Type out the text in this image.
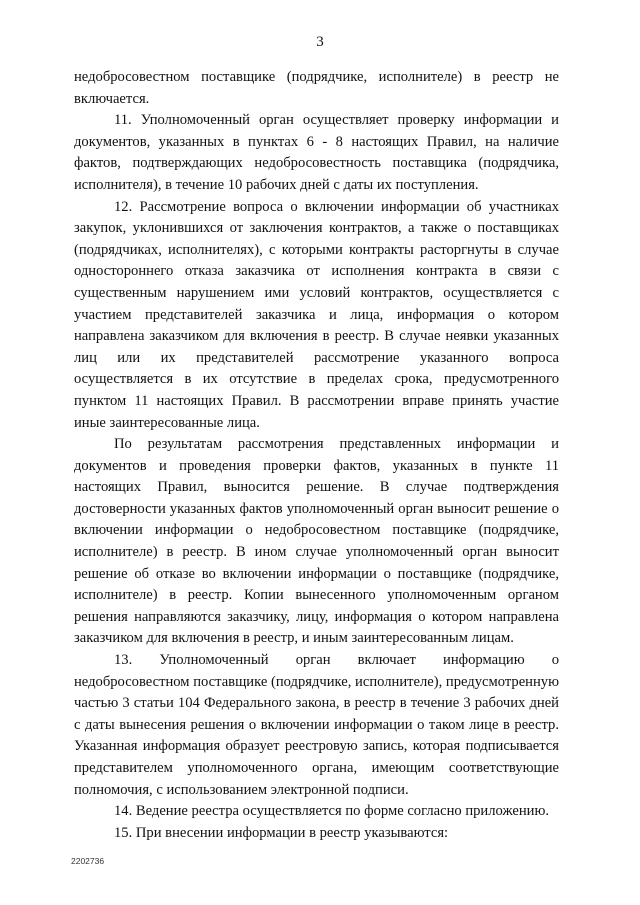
3

недобросовестном поставщике (подрядчике, исполнителе) в реестр не включается.

11. Уполномоченный орган осуществляет проверку информации и документов, указанных в пунктах 6 - 8 настоящих Правил, на наличие фактов, подтверждающих недобросовестность поставщика (подрядчика, исполнителя), в течение 10 рабочих дней с даты их поступления.

12. Рассмотрение вопроса о включении информации об участниках закупок, уклонившихся от заключения контрактов, а также о поставщиках (подрядчиках, исполнителях), с которыми контракты расторгнуты в случае одностороннего отказа заказчика от исполнения контракта в связи с существенным нарушением ими условий контрактов, осуществляется с участием представителей заказчика и лица, информация о котором направлена заказчиком для включения в реестр. В случае неявки указанных лиц или их представителей рассмотрение указанного вопроса осуществляется в их отсутствие в пределах срока, предусмотренного пунктом 11 настоящих Правил. В рассмотрении вправе принять участие иные заинтересованные лица.

По результатам рассмотрения представленных информации и документов и проведения проверки фактов, указанных в пункте 11 настоящих Правил, выносится решение. В случае подтверждения достоверности указанных фактов уполномоченный орган выносит решение о включении информации о недобросовестном поставщике (подрядчике, исполнителе) в реестр. В ином случае уполномоченный орган выносит решение об отказе во включении информации о поставщике (подрядчике, исполнителе) в реестр. Копии вынесенного уполномоченным органом решения направляются заказчику, лицу, информация о котором направлена заказчиком для включения в реестр, и иным заинтересованным лицам.

13. Уполномоченный орган включает информацию о недобросовестном поставщике (подрядчике, исполнителе), предусмотренную частью 3 статьи 104 Федерального закона, в реестр в течение 3 рабочих дней с даты вынесения решения о включении информации о таком лице в реестр. Указанная информация образует реестровую запись, которая подписывается представителем уполномоченного органа, имеющим соответствующие полномочия, с использованием электронной подписи.

14. Ведение реестра осуществляется по форме согласно приложению.

15. При внесении информации в реестр указываются:

2202736
